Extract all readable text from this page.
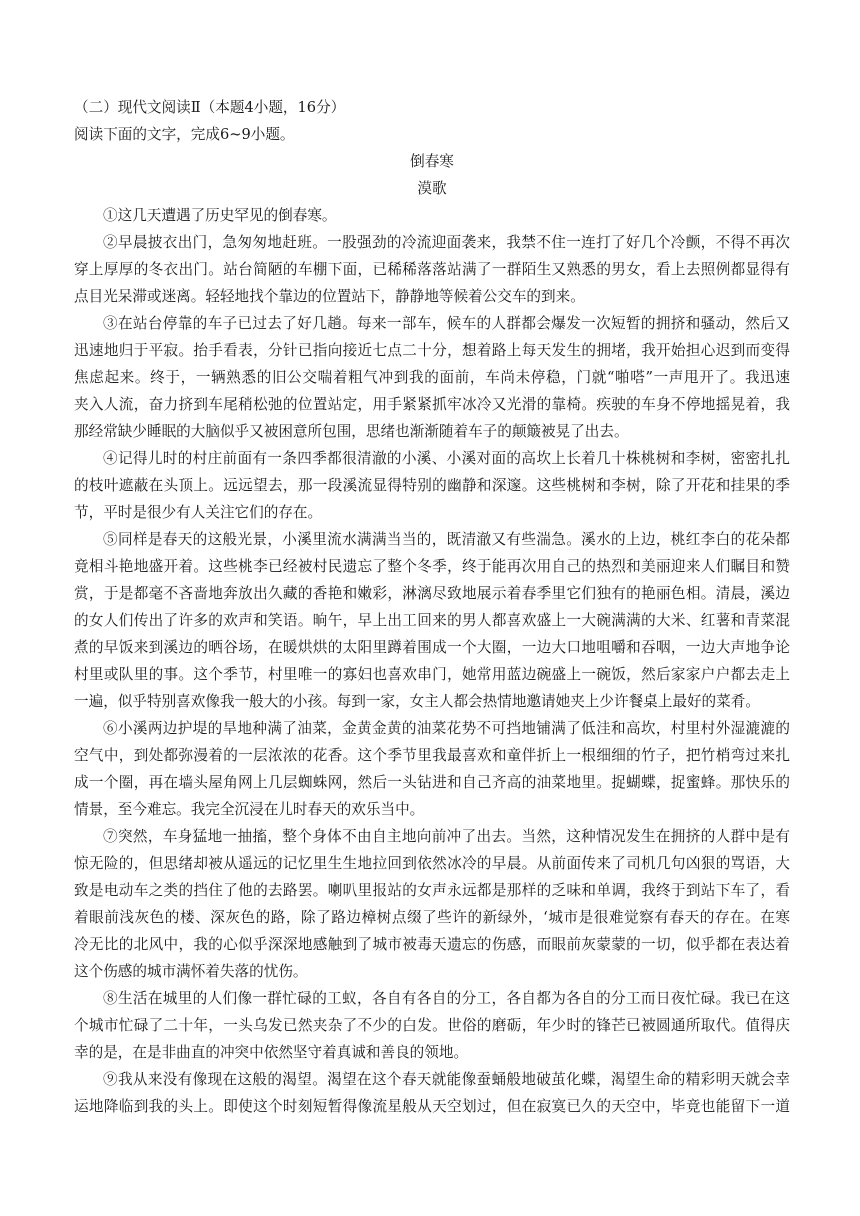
（二）现代文阅读Ⅱ（本题4小题，16分）
阅读下面的文字，完成6~9小题。
倒春寒
漠歌
①这几天遭遇了历史罕见的倒春寒。
②早晨披衣出门，急匆匆地赶班。一股强劲的冷流迎面袭来，我禁不住一连打了好几个冷颤，不得不再次
穿上厚厚的冬衣出门。站台简陋的车棚下面，已稀稀落落站满了一群陌生又熟悉的男女，看上去照例都显得有
点目光呆滞或迷离。轻轻地找个靠边的位置站下，静静地等候着公交车的到来。
③在站台停靠的车子已过去了好几趟。每来一部车，候车的人群都会爆发一次短暂的拥挤和骚动，然后又
迅速地归于平寂。抬手看表，分针已指向接近七点二十分，想着路上每天发生的拥堵，我开始担心迟到而变得
焦虑起来。终于，一辆熟悉的旧公交喘着粗气冲到我的面前，车尚未停稳，门就“啪嗒”一声甩开了。我迅速
夹入人流，奋力挤到车尾稍松弛的位置站定，用手紧紧抓牢冰冷又光滑的靠椅。疾驶的车身不停地摇晃着，我
那经常缺少睡眠的大脑似乎又被困意所包围，思绪也渐渐随着车子的颠簸被晃了出去。
④记得儿时的村庄前面有一条四季都很清澈的小溪、小溪对面的高坎上长着几十株桃树和李树，密密扎扎
的枝叶遮蔽在头顶上。远远望去，那一段溪流显得特别的幽静和深邃。这些桃树和李树，除了开花和挂果的季
节，平时是很少有人关注它们的存在。
⑤同样是春天的这般光景，小溪里流水满满当当的，既清澈又有些湍急。溪水的上边，桃红李白的花朵都
竟相斗艳地盛开着。这些桃李已经被村民遗忘了整个冬季，终于能再次用自己的热烈和美丽迎来人们瞩目和赞
赏，于是都毫不吝啬地奔放出久藏的香艳和嫩彩，淋漓尽致地展示着春季里它们独有的艳丽色相。清晨，溪边
的女人们传出了许多的欢声和笑语。晌午，早上出工回来的男人都喜欢盛上一大碗满满的大米、红薯和青菜混
煮的早饭来到溪边的晒谷场，在暖烘烘的太阳里蹲着围成一个大圈，一边大口地咀嚼和吞咽，一边大声地争论
村里或队里的事。这个季节，村里唯一的寡妇也喜欢串门，她常用蓝边碗盛上一碗饭，然后家家户户都去走上
一遍，似乎特别喜欢像我一般大的小孩。每到一家，女主人都会热情地邀请她夹上少许餐桌上最好的菜肴。
⑥小溪两边护堤的旱地种满了油菜，金黄金黄的油菜花势不可挡地铺满了低洼和高坎，村里村外湿漉漉的
空气中，到处都弥漫着的一层浓浓的花香。这个季节里我最喜欢和童伴折上一根细细的竹子，把竹梢弯过来扎
成一个圈，再在墙头屋角网上几层蜘蛛网，然后一头钻进和自己齐高的油菜地里。捉蝴蝶，捉蜜蜂。那快乐的
情景，至今难忘。我完全沉浸在儿时春天的欢乐当中。
⑦突然，车身猛地一抽搐，整个身体不由自主地向前冲了出去。当然，这种情况发生在拥挤的人群中是有
惊无险的，但思绪却被从遥远的记忆里生生地拉回到依然冰冷的早晨。从前面传来了司机几句凶狠的骂语，大
致是电动车之类的挡住了他的去路罢。喇叭里报站的女声永远都是那样的乏味和单调，我终于到站下车了，看
着眼前浅灰色的楼、深灰色的路，除了路边樟树点缀了些许的新绿外，‘城市是很难觉察有春天的存在。在寒
冷无比的北风中，我的心似乎深深地感触到了城市被毒天遗忘的伤感，而眼前灰蒙蒙的一切，似乎都在表达着
这个伤感的城市满怀着失落的忧伤。
⑧生活在城里的人们像一群忙碌的工蚁，各自有各自的分工，各自都为各自的分工而日夜忙碌。我已在这
个城市忙碌了二十年，一头乌发已然夹杂了不少的白发。世俗的磨砺，年少时的锋芒已被圆通所取代。值得庆
幸的是，在是非曲直的冲突中依然坚守着真诚和善良的领地。
⑨我从来没有像现在这般的渴望。渴望在这个春天就能像蚕蛹般地破茧化蝶，渴望生命的精彩明天就会幸
运地降临到我的头上。即使这个时刻短暂得像流星般从天空划过，但在寂寞已久的天空中，毕竟也能留下一道
